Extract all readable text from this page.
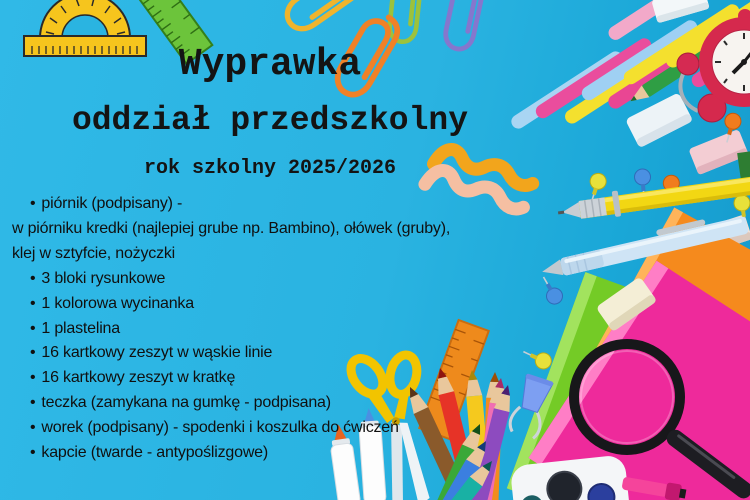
Wyprawka
oddział przedszkolny
rok szkolny 2025/2026
• piórnik (podpisany) -
w piórniku kredki (najlepiej grube np. Bambino), ołówek (gruby),
klej w sztyfcie, nożyczki
• 3 bloki rysunkowe
• 1 kolorowa wycinanka
• 1 plastelina
• 16 kartkowy zeszyt w wąskie linie
• 16 kartkowy zeszyt w kratkę
• teczka (zamykana na gumkę - podpisana)
• worek (podpisany) - spodenki i koszulka do ćwiczeń
• kapcie (twarde - antypoślizgowe)
